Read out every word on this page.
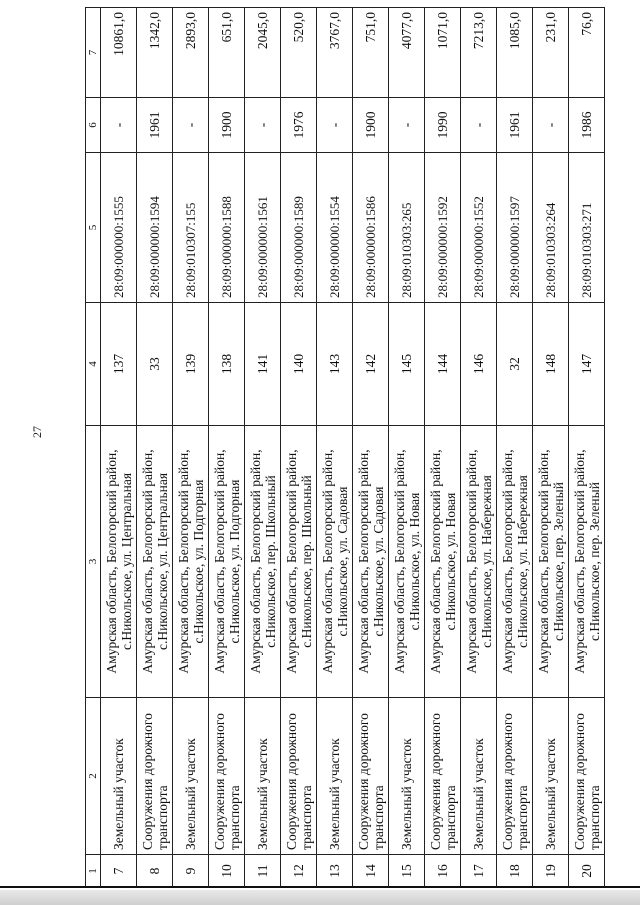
27
1	2	3	4	5	6	7
7	Земельный участок	Амурская область, Белогорский район, с.Никольское, ул. Центральная	137	28:09:000000:1555	-	10861,0
8	Сооружения дорожного транспорта	Амурская область, Белогорский район, с.Никольское, ул. Центральная	33	28:09:000000:1594	1961	1342,0
9	Земельный участок	Амурская область, Белогорский район, с.Никольское, ул. Подгорная	139	28:09:010307:155	-	2893,0
10	Сооружения дорожного транспорта	Амурская область, Белогорский район, с.Никольское, ул. Подгорная	138	28:09:000000:1588	1900	651,0
11	Земельный участок	Амурская область, Белогорский район, с.Никольское, пер. Школьный	141	28:09:000000:1561	-	2045,0
12	Сооружения дорожного транспорта	Амурская область, Белогорский район, с.Никольское, пер. Школьный	140	28:09:000000:1589	1976	520,0
13	Земельный участок	Амурская область, Белогорский район, с.Никольское, ул. Садовая	143	28:09:000000:1554	-	3767,0
14	Сооружения дорожного транспорта	Амурская область, Белогорский район, с.Никольское, ул. Садовая	142	28:09:000000:1586	1900	751,0
15	Земельный участок	Амурская область, Белогорский район, с.Никольское, ул. Новая	145	28:09:010303:265	-	4077,0
16	Сооружения дорожного транспорта	Амурская область, Белогорский район, с.Никольское, ул. Новая	144	28:09:000000:1592	1990	1071,0
17	Земельный участок	Амурская область, Белогорский район, с.Никольское, ул. Набережная	146	28:09:000000:1552	-	7213,0
18	Сооружения дорожного транспорта	Амурская область, Белогорский район, с.Никольское, ул. Набережная	32	28:09:000000:1597	1961	1085,0
19	Земельный участок	Амурская область, Белогорский район, с.Никольское, пер. Зеленый	148	28:09:010303:264	-	231,0
20	Сооружения дорожного транспорта	Амурская область, Белогорский район, с.Никольское, пер. Зеленый	147	28:09:010303:271	1986	76,0
